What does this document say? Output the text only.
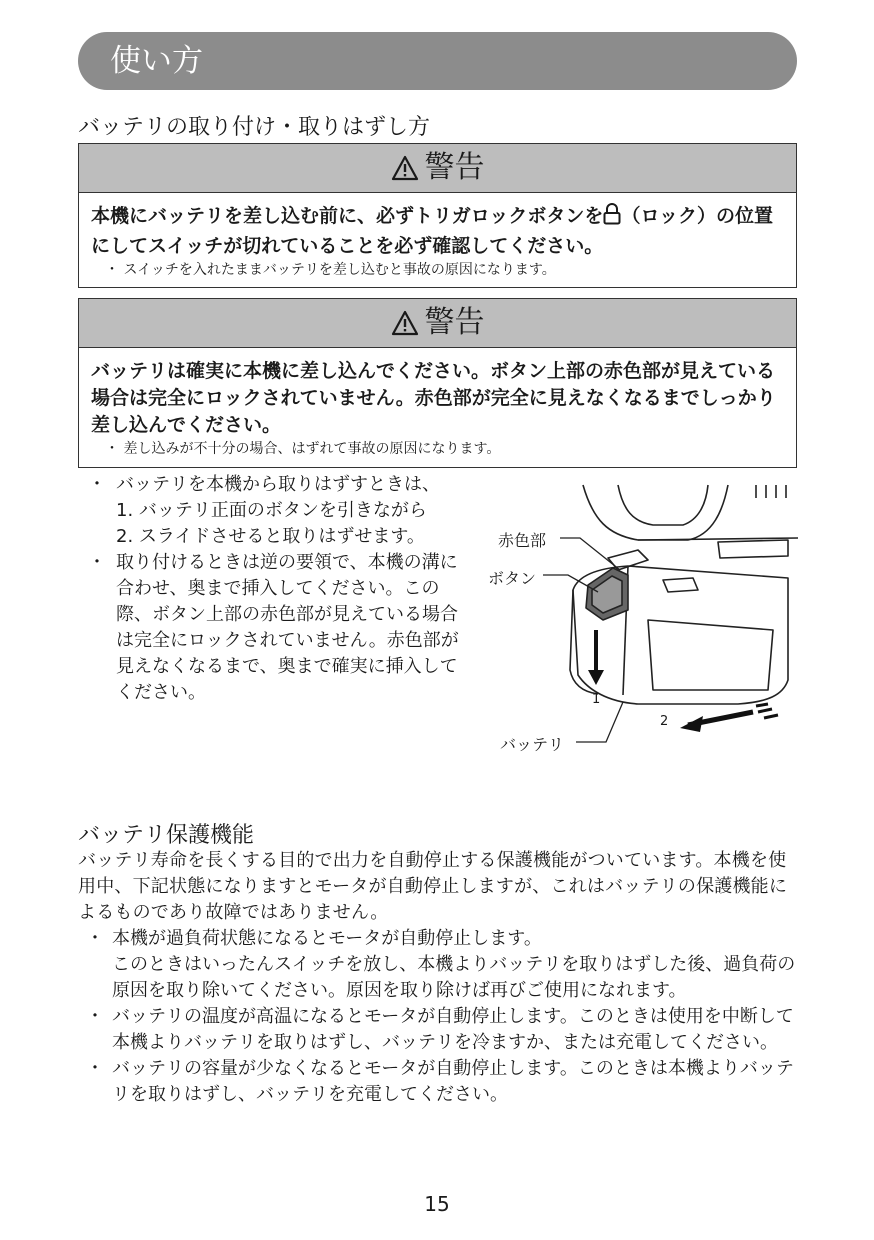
使い方
バッテリの取り付け・取りはずし方
警告
本機にバッテリを差し込む前に、必ずトリガロックボタンを （ロック）の位置にしてスイッチが切れていることを必ず確認してください。
・ スイッチを入れたままバッテリを差し込むと事故の原因になります。
警告
バッテリは確実に本機に差し込んでください。ボタン上部の赤色部が見えている場合は完全にロックされていません。赤色部が完全に見えなくなるまでしっかり差し込んでください。
・ 差し込みが不十分の場合、はずれて事故の原因になります。
・ バッテリを本機から取りはずすときは、
1. バッテリ正面のボタンを引きながら
2. スライドさせると取りはずせます。
・ 取り付けるときは逆の要領で、本機の溝に合わせ、奥まで挿入してください。この際、ボタン上部の赤色部が見えている場合は完全にロックされていません。赤色部が見えなくなるまで、奥まで確実に挿入してください。
赤色部
ボタン
バッテリ
1
2
バッテリ保護機能
バッテリ寿命を長くする目的で出力を自動停止する保護機能がついています。本機を使用中、下記状態になりますとモータが自動停止しますが、これはバッテリの保護機能によるものであり故障ではありません。
・ 本機が過負荷状態になるとモータが自動停止します。
このときはいったんスイッチを放し、本機よりバッテリを取りはずした後、過負荷の原因を取り除いてください。原因を取り除けば再びご使用になれます。
・ バッテリの温度が高温になるとモータが自動停止します。このときは使用を中断して本機よりバッテリを取りはずし、バッテリを冷ますか、または充電してください。
・ バッテリの容量が少なくなるとモータが自動停止します。このときは本機よりバッテリを取りはずし、バッテリを充電してください。
15
